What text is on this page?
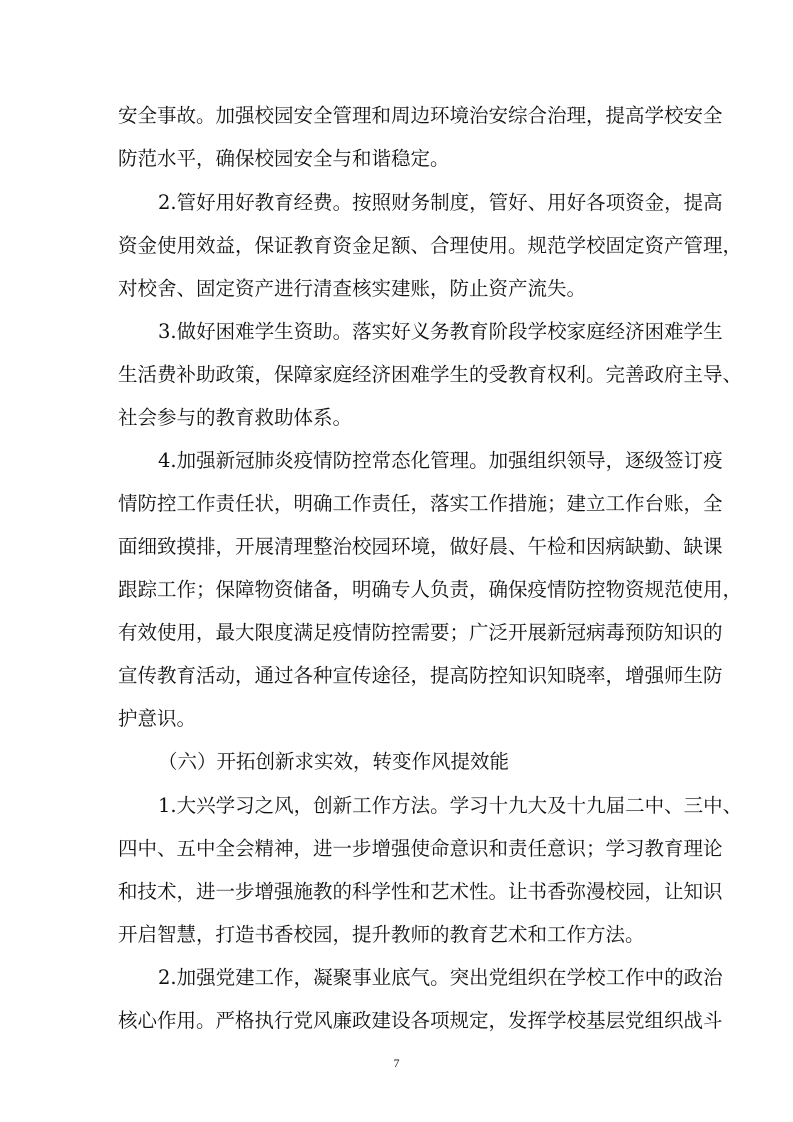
安全事故。加强校园安全管理和周边环境治安综合治理，提高学校安全
防范水平，确保校园安全与和谐稳定。
2.管好用好教育经费。按照财务制度，管好、用好各项资金，提高
资金使用效益，保证教育资金足额、合理使用。规范学校固定资产管理，
对校舍、固定资产进行清查核实建账，防止资产流失。
3.做好困难学生资助。落实好义务教育阶段学校家庭经济困难学生
生活费补助政策，保障家庭经济困难学生的受教育权利。完善政府主导、
社会参与的教育救助体系。
4.加强新冠肺炎疫情防控常态化管理。加强组织领导，逐级签订疫
情防控工作责任状，明确工作责任，落实工作措施；建立工作台账，全
面细致摸排，开展清理整治校园环境，做好晨、午检和因病缺勤、缺课
跟踪工作；保障物资储备，明确专人负责，确保疫情防控物资规范使用，
有效使用，最大限度满足疫情防控需要；广泛开展新冠病毒预防知识的
宣传教育活动，通过各种宣传途径，提高防控知识知晓率，增强师生防
护意识。
（六）开拓创新求实效，转变作风提效能
1.大兴学习之风，创新工作方法。学习十九大及十九届二中、三中、
四中、五中全会精神，进一步增强使命意识和责任意识；学习教育理论
和技术，进一步增强施教的科学性和艺术性。让书香弥漫校园，让知识
开启智慧，打造书香校园，提升教师的教育艺术和工作方法。
2.加强党建工作，凝聚事业底气。突出党组织在学校工作中的政治
核心作用。严格执行党风廉政建设各项规定，发挥学校基层党组织战斗
7
